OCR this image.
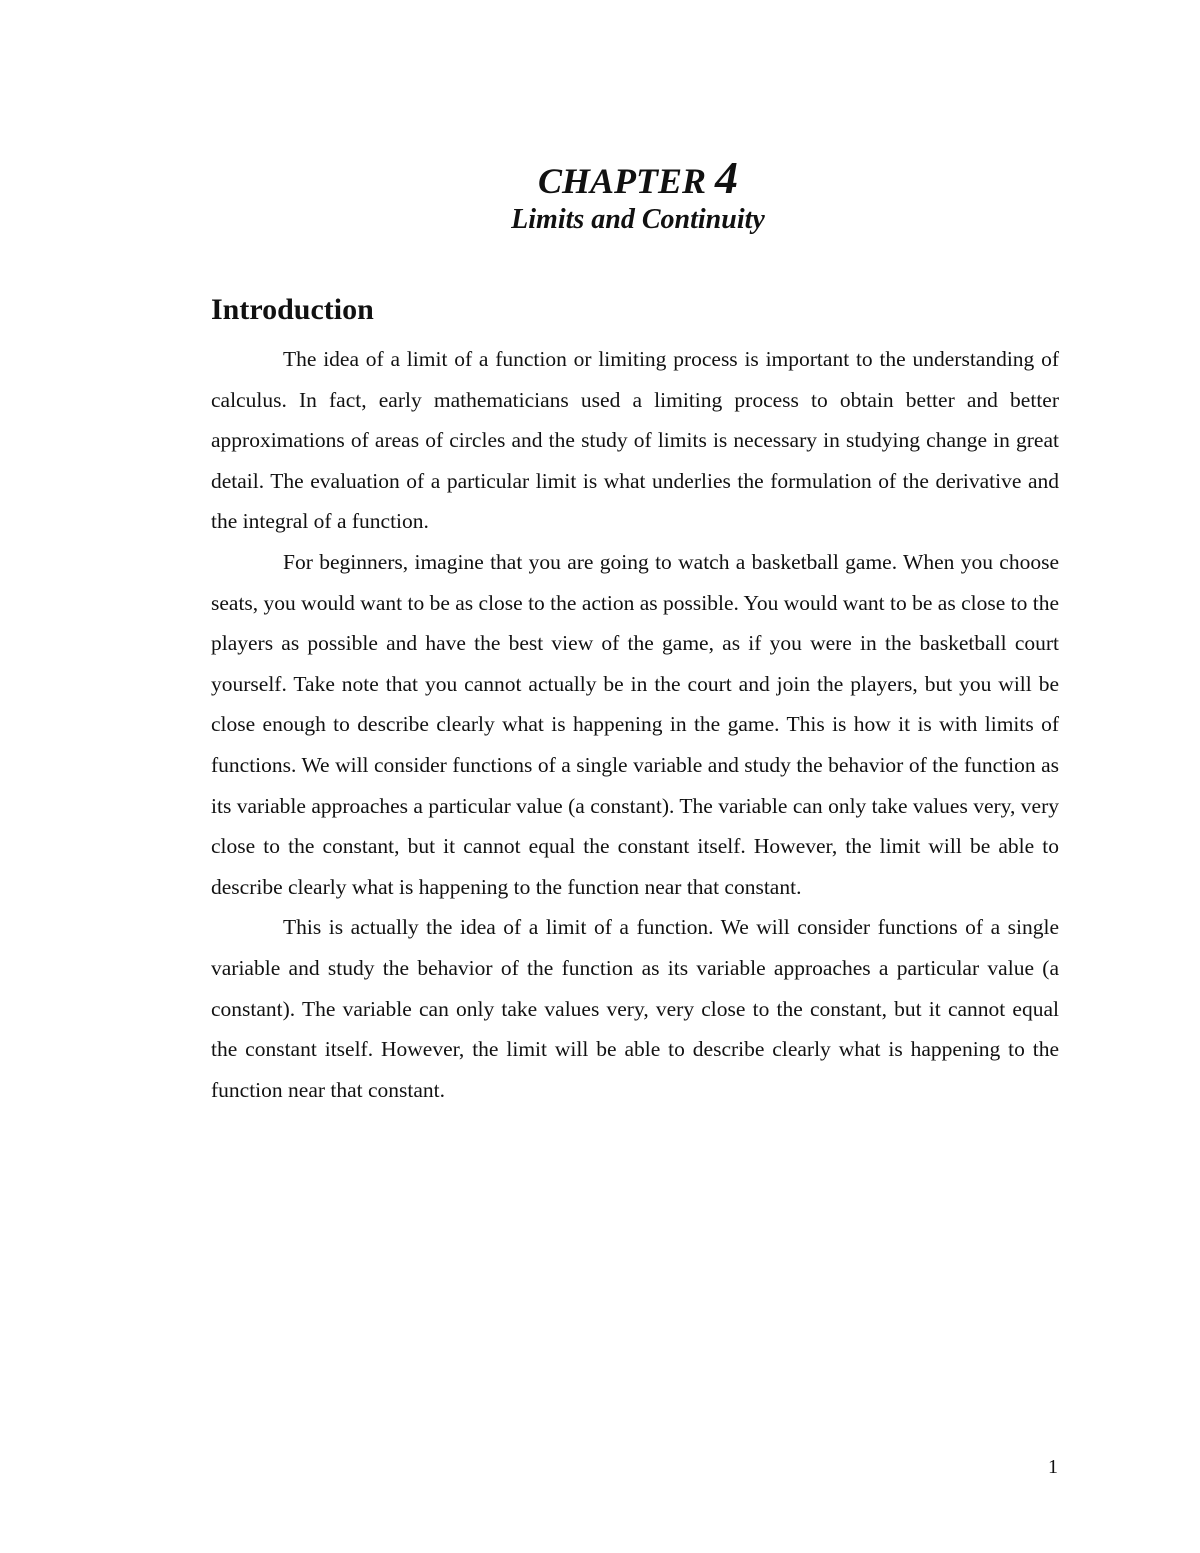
CHAPTER 4
Limits and Continuity
Introduction

The idea of a limit of a function or limiting process is important to the understanding of calculus. In fact, early mathematicians used a limiting process to obtain better and better approximations of areas of circles and the study of limits is necessary in studying change in great detail. The evaluation of a particular limit is what underlies the formulation of the derivative and the integral of a function.

For beginners, imagine that you are going to watch a basketball game. When you choose seats, you would want to be as close to the action as possible. You would want to be as close to the players as possible and have the best view of the game, as if you were in the basketball court yourself. Take note that you cannot actually be in the court and join the players, but you will be close enough to describe clearly what is happening in the game. This is how it is with limits of functions. We will consider functions of a single variable and study the behavior of the function as its variable approaches a particular value (a constant). The variable can only take values very, very close to the constant, but it cannot equal the constant itself. However, the limit will be able to describe clearly what is happening to the function near that constant.

This is actually the idea of a limit of a function. We will consider functions of a single variable and study the behavior of the function as its variable approaches a particular value (a constant). The variable can only take values very, very close to the constant, but it cannot equal the constant itself. However, the limit will be able to describe clearly what is happening to the function near that constant.

1
